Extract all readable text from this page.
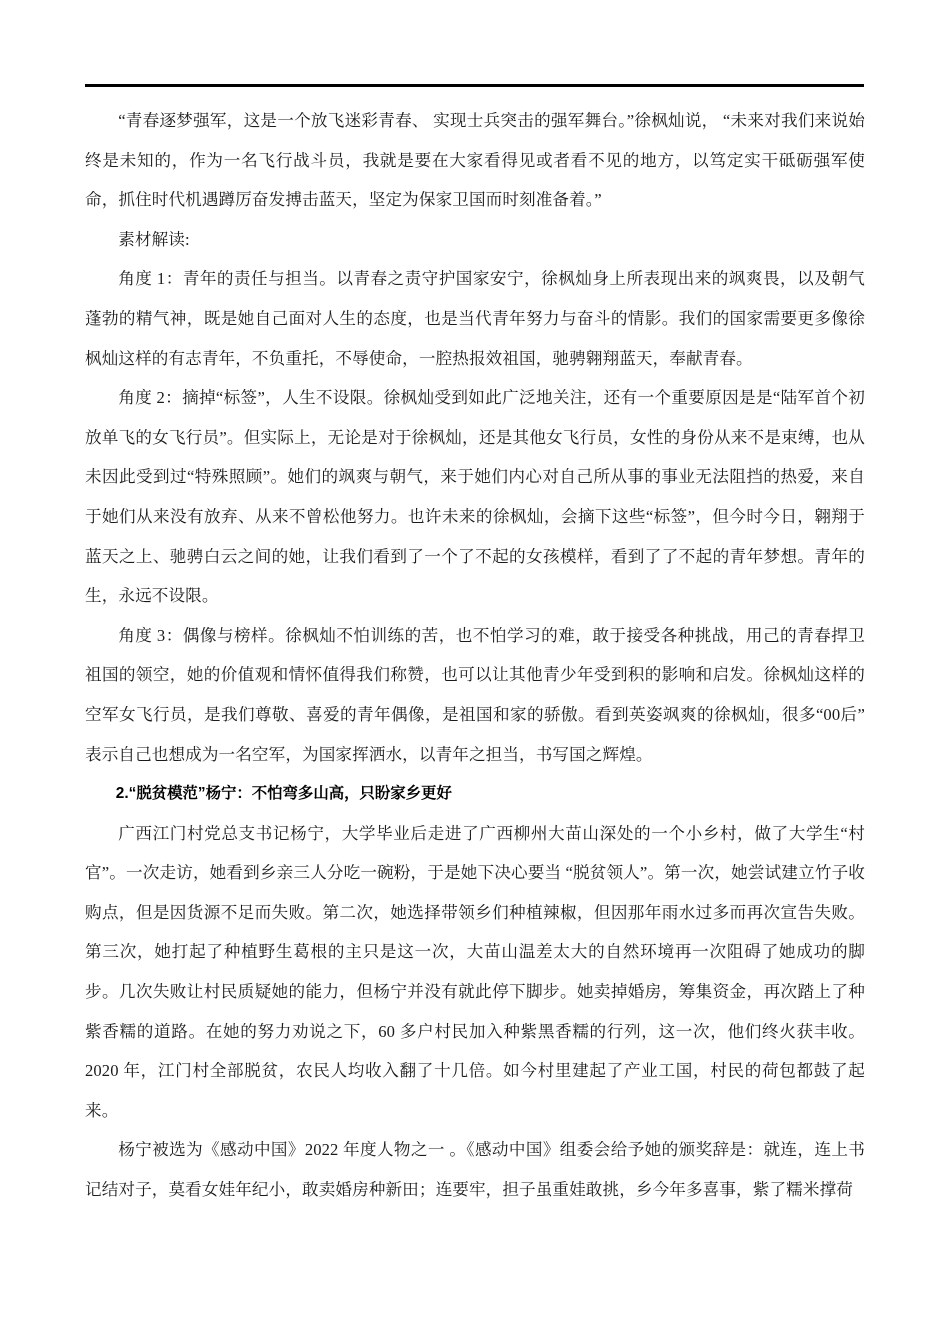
“青春逐梦强军，这是一个放飞迷彩青春、 实现士兵突击的强军舞台。”徐枫灿说， “未来对我们来说始终是未知的，作为一名飞行战斗员，我就是要在大家看得见或者看不见的地方，以笃定实干砥砺强军使命，抓住时代机遇蹲厉奋发搏击蓝天，坚定为保家卫国而时刻准备着。”

素材解读:

角度 1：青年的责任与担当。以青春之责守护国家安宁，徐枫灿身上所表现出来的飒爽畏，以及朝气蓬勃的精气神，既是她自己面对人生的态度，也是当代青年努力与奋斗的情影。我们的国家需要更多像徐枫灿这样的有志青年，不负重托，不辱使命，一腔热报效祖国，驰骋翱翔蓝天，奉献青春。

角度 2：摘掉“标签”，人生不设限。徐枫灿受到如此广泛地关注，还有一个重要原因是是“陆军首个初放单飞的女飞行员”。但实际上，无论是对于徐枫灿，还是其他女飞行员，女性的身份从来不是束缚，也从未因此受到过“特殊照顾”。她们的飒爽与朝气，来于她们内心对自己所从事的事业无法阻挡的热爱，来自于她们从来没有放弃、从来不曾松他努力。也许未来的徐枫灿，会摘下这些“标签”，但今时今日，翱翔于蓝天之上、驰骋白云之间的她，让我们看到了一个了不起的女孩模样，看到了了不起的青年梦想。青年的生，永远不设限。

角度 3：偶像与榜样。徐枫灿不怕训练的苦，也不怕学习的难，敢于接受各种挑战，用己的青春捍卫祖国的领空，她的价值观和情怀值得我们称赞，也可以让其他青少年受到积的影响和启发。徐枫灿这样的空军女飞行员，是我们尊敬、喜爱的青年偶像，是祖国和家的骄傲。看到英姿飒爽的徐枫灿，很多“00后”表示自己也想成为一名空军，为国家挥洒水，以青年之担当，书写国之辉煌。

2.“脱贫模范”杨宁：不怕弯多山高，只盼家乡更好

广西江门村党总支书记杨宁，大学毕业后走进了广西柳州大苗山深处的一个小乡村，做了大学生“村官”。一次走访，她看到乡亲三人分吃一碗粉，于是她下决心要当 “脱贫领人”。第一次，她尝试建立竹子收购点，但是因货源不足而失败。第二次，她选择带领乡们种植辣椒，但因那年雨水过多而再次宣告失败。第三次，她打起了种植野生葛根的主只是这一次，大苗山温差太大的自然环境再一次阻碍了她成功的脚步。几次失败让村民质疑她的能力，但杨宁并没有就此停下脚步。她卖掉婚房，筹集资金，再次踏上了种紫香糯的道路。在她的努力劝说之下，60 多户村民加入种紫黑香糯的行列，这一次，他们终火获丰收。2020 年，江门村全部脱贫，农民人均收入翻了十几倍。如今村里建起了产业工国，村民的荷包都鼓了起来。

杨宁被选为《感动中国》2022 年度人物之一 。《感动中国》组委会给予她的颁奖辞是：就连，连上书记结对子，莫看女娃年纪小，敢卖婚房种新田；连要牢，担子虽重娃敢挑，乡今年多喜事，紫了糯米撑荷
